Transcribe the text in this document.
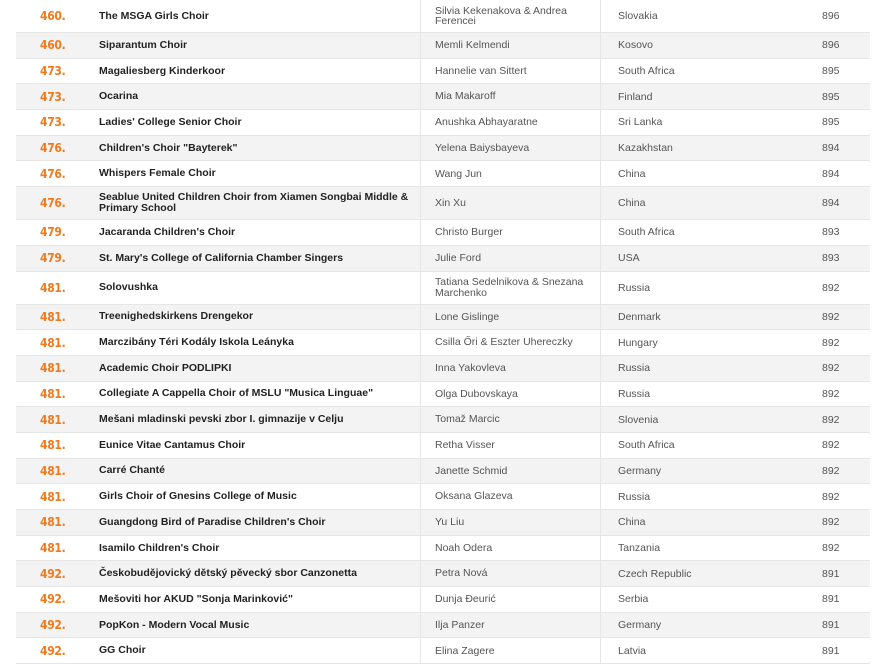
460.	The MSGA Girls Choir	Silvia Kekenakova & Andrea Ferencei	Slovakia	896
460.	Siparantum Choir	Memli Kelmendi	Kosovo	896
473.	Magaliesberg Kinderkoor	Hannelie van Sittert	South Africa	895
473.	Ocarina	Mia Makaroff	Finland	895
473.	Ladies' College Senior Choir	Anushka Abhayaratne	Sri Lanka	895
476.	Children's Choir "Bayterek"	Yelena Baiysbayeva	Kazakhstan	894
476.	Whispers Female Choir	Wang Jun	China	894
476.	Seablue United Children Choir from Xiamen Songbai Middle & Primary School	Xin Xu	China	894
479.	Jacaranda Children's Choir	Christo Burger	South Africa	893
479.	St. Mary's College of California Chamber Singers	Julie Ford	USA	893
481.	Solovushka	Tatiana Sedelnikova & Snezana Marchenko	Russia	892
481.	Treenighedskirkens Drengekor	Lone Gislinge	Denmark	892
481.	Marczibány Téri Kodály Iskola Leányka	Csilla Őri & Eszter Uhereczky	Hungary	892
481.	Academic Choir PODLIPKI	Inna Yakovleva	Russia	892
481.	Collegiate A Cappella Choir of MSLU "Musica Linguae"	Olga Dubovskaya	Russia	892
481.	Mešani mladinski pevski zbor I. gimnazije v Celju	Tomaž Marcic	Slovenia	892
481.	Eunice Vitae Cantamus Choir	Retha Visser	South Africa	892
481.	Carré Chanté	Janette Schmid	Germany	892
481.	Girls Choir of Gnesins College of Music	Oksana Glazeva	Russia	892
481.	Guangdong Bird of Paradise Children's Choir	Yu Liu	China	892
481.	Isamilo Children's Choir	Noah Odera	Tanzania	892
492.	Českobudějovický dětský pěvecký sbor Canzonetta	Petra Nová	Czech Republic	891
492.	Mešoviti hor AKUD "Sonja Marinković"	Dunja Đeurić	Serbia	891
492.	PopKon - Modern Vocal Music	Ilja Panzer	Germany	891
492.	GG Choir	Elina Zagere	Latvia	891
